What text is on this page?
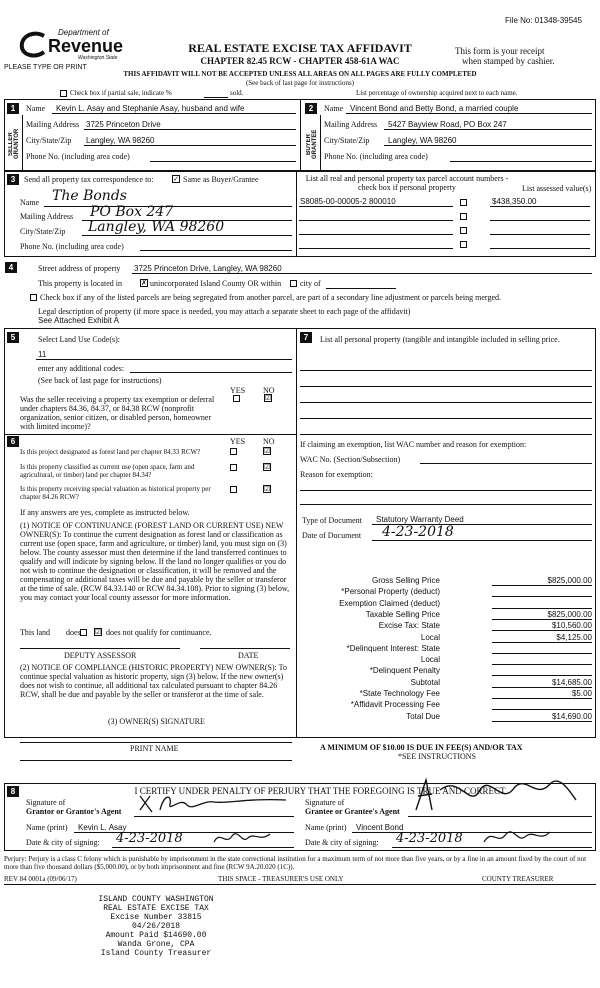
File No: 01348-39545
Department of
Revenue
Washington State
PLEASE TYPE OR PRINT
REAL ESTATE EXCISE TAX AFFIDAVIT
CHAPTER 82.45 RCW - CHAPTER 458-61A WAC
This form is your receipt
when stamped by cashier.
THIS AFFIDAVIT WILL NOT BE ACCEPTED UNLESS ALL AREAS ON ALL PAGES ARE FULLY COMPLETED
(See back of last page for instructions)
Check box if partial sale, indicate %	sold.	List percentage of ownership acquired next to each name.
1
SELLER GRANTOR
Name Kevin L. Asay and Stephanie Asay, husband and wife
Mailing Address 3725 Princeton Drive
City/State/Zip Langley, WA 98260
Phone No. (including area code)
2
BUYER GRANTEE
Name Vincent Bond and Betty Bond, a married couple
Mailing Address 5427 Bayview Road, PO Box 247
City/State/Zip Langley, WA 98260
Phone No. (including area code)
3	Send all property tax correspondence to:	✓ Same as Buyer/Grantee
Name The Bonds
Mailing Address PO Box 247
City/State/Zip Langley, WA 98260
Phone No. (including area code)
List all real and personal property tax parcel account numbers - check box if personal property	List assessed value(s)
S8085-00-00005-2 800010	$438,350.00
4	Street address of property 3725 Princeton Drive, Langley, WA 98260
This property is located in	✗ unincorporated Island County OR within city of
Check box if any of the listed parcels are being segregated from another parcel, are part of a secondary line adjustment or parcels being merged.
Legal description of property (if more space is needed, you may attach a separate sheet to each page of the affidavit)
See Attached Exhibit A
5	Select Land Use Code(s):
11
enter any additional codes:
(See back of last page for instructions)
YES NO
Was the seller receiving a property tax exemption or deferral under chapters 84.36, 84.37, or 84.38 RCW (nonprofit organization, senior citizen, or disabled person, homeowner with limited income)?
☑
6	YES NO
Is this project designated as forest land per chapter 84.33 RCW?	☑
Is this property classified as current use (open space, farm and agricultural, or timber) land per chapter 84.34?
☑
Is this property receiving special valuation as historical property per chapter 84.26 RCW?
☑
If any answers are yes, complete as instructed below.
(1) NOTICE OF CONTINUANCE (FOREST LAND OR CURRENT USE) NEW OWNER(S): To continue the current designation as forest land or classification as current use (open space, farm and agriculture, or timber) land, you must sign on (3) below. The county assessor must then determine if the land transferred continues to qualify and will indicate by signing below. If the land no longer qualifies or you do not wish to continue the designation or classification, it will be removed and the compensating or additional taxes will be due and payable by the seller or transferor at the time of sale. (RCW 84.33.140 or RCW 84.34.108). Prior to signing (3) below, you may contact your local county assessor for more information.
This land does ☑ does not qualify for continuance.
DEPUTY ASSESSOR	DATE
(2) NOTICE OF COMPLIANCE (HISTORIC PROPERTY) NEW OWNER(S): To continue special valuation as historic property, sign (3) below. If the new owner(s) does not wish to continue, all additional tax calculated pursuant to chapter 84.26 RCW, shall be due and payable by the seller or transferor at the time of sale.
(3) OWNER(S) SIGNATURE
PRINT NAME
7	List all personal property (tangible and intangible included in selling price.
If claiming an exemption, list WAC number and reason for exemption:
WAC No. (Section/Subsection)
Reason for exemption:
Type of Document Statutory Warranty Deed
Date of Document 4-23-2018
Gross Selling Price	$825,000.00
*Personal Property (deduct)
Exemption Claimed (deduct)
Taxable Selling Price	$825,000.00
Excise Tax: State	$10,560.00
Local	$4,125.00
*Delinquent Interest: State
Local
*Delinquent Penalty
Subtotal	$14,685.00
*State Technology Fee	$5.00
*Affidavit Processing Fee
Total Due	$14,690.00
A MINIMUM OF $10.00 IS DUE IN FEE(S) AND/OR TAX
*SEE INSTRUCTIONS
8	I CERTIFY UNDER PENALTY OF PERJURY THAT THE FOREGOING IS TRUE AND CORRECT
Signature of
Grantor or Grantor's Agent
Name (print) Kevin L. Asay
Date & city of signing: 4-23-2018
Signature of
Grantee or Grantee's Agent
Name (print) Vincent Bond
Date & city of signing: 4-23-2018
Perjury: Perjury is a class C felony which is punishable by imprisonment in the state correctional institution for a maximum term of not more than five years, or by a fine in an amount fixed by the court of not more than five thousand dollars ($5,000.00), or by both imprisonment and fine (RCW 9A.20.020 (1C)).
REV 84 0001a (09/06/17)	THIS SPACE - TREASURER'S USE ONLY	COUNTY TREASURER
ISLAND COUNTY WASHINGTON
REAL ESTATE EXCISE TAX
Excise Number 33815
04/26/2018
Amount Paid $14690.00
Wanda Grone, CPA
Island County Treasurer
